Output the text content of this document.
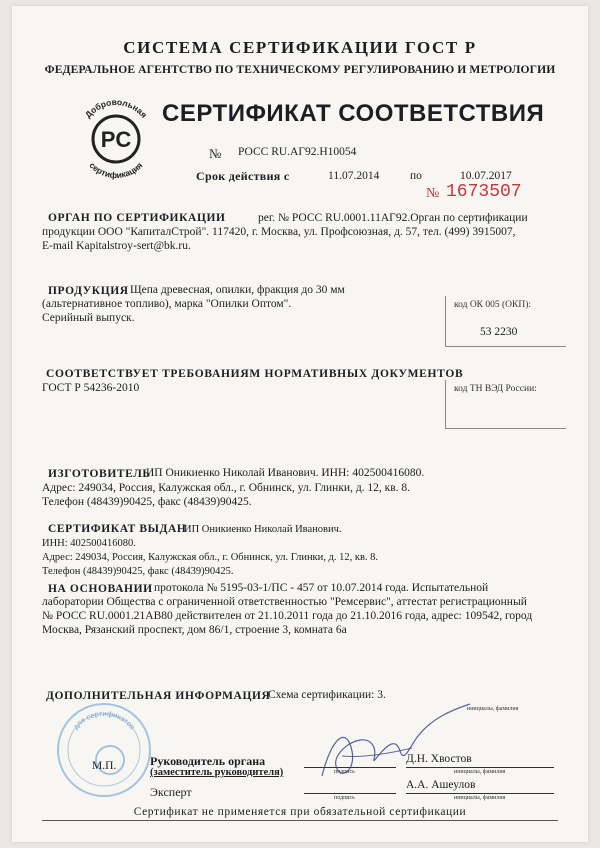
СИСТЕМА СЕРТИФИКАЦИИ ГОСТ Р
ФЕДЕРАЛЬНОЕ АГЕНТСТВО ПО ТЕХНИЧЕСКОМУ РЕГУЛИРОВАНИЮ И МЕТРОЛОГИИ
PC
Добровольная
сертификация
СЕРТИФИКАТ СООТВЕТСТВИЯ
№ РОСС RU.АГ92.Н10054
Срок действия с	11.07.2014	по	10.07.2017
№ 1673507
ОРГАН ПО СЕРТИФИКАЦИИ	рег. № РОСС RU.0001.11АГ92.Орган по сертификации
продукции ООО "КапиталСтрой". 117420, г. Москва, ул. Профсоюзная, д. 57, тел. (499) 3915007,
E-mail Kapitalstroy-sert@bk.ru.
ПРОДУКЦИЯ Щепа древесная, опилки, фракция до 30 мм
(альтернативное топливо), марка "Опилки Оптом".
Серийный выпуск.
код ОК 005 (ОКП):
53 2230
СООТВЕТСТВУЕТ ТРЕБОВАНИЯМ НОРМАТИВНЫХ ДОКУМЕНТОВ
ГОСТ Р 54236-2010	код ТН ВЭД России:
ИЗГОТОВИТЕЛЬ
ИП Оникиенко Николай Иванович. ИНН: 402500416080.
Адрес: 249034, Россия, Калужская обл., г. Обнинск, ул. Глинки, д. 12, кв. 8.
Телефон (48439)90425, факс (48439)90425.
СЕРТИФИКАТ ВЫДАН
ИП Оникиенко Николай Иванович.
ИНН: 402500416080.
Адрес: 249034, Россия, Калужская обл., г. Обнинск, ул. Глинки, д. 12, кв. 8.
Телефон (48439)90425, факс (48439)90425.
НА ОСНОВАНИИ протокола № 5195-03-1/ПС - 457 от 10.07.2014 года. Испытательной
лаборатории Общества с ограниченной ответственностью "Ремсервис", аттестат регистрационный
№ РОСС RU.0001.21АВ80 действителен от 21.10.2011 года до 21.10.2016 года, адрес: 109542, город
Москва, Рязанский проспект, дом 86/1, строение 3, комната 6а
ДОПОЛНИТЕЛЬНАЯ ИНФОРМАЦИЯ
Схема сертификации: 3.
инициалы, фамилия
для сертификатов
М.П.	Руководитель органа
(заместитель руководителя)	подпись
Д.Н. Хвостов
инициалы, фамилия
Эксперт	подпись
А.А. Ашеулов
инициалы, фамилия
Сертификат не применяется при обязательной сертификации
